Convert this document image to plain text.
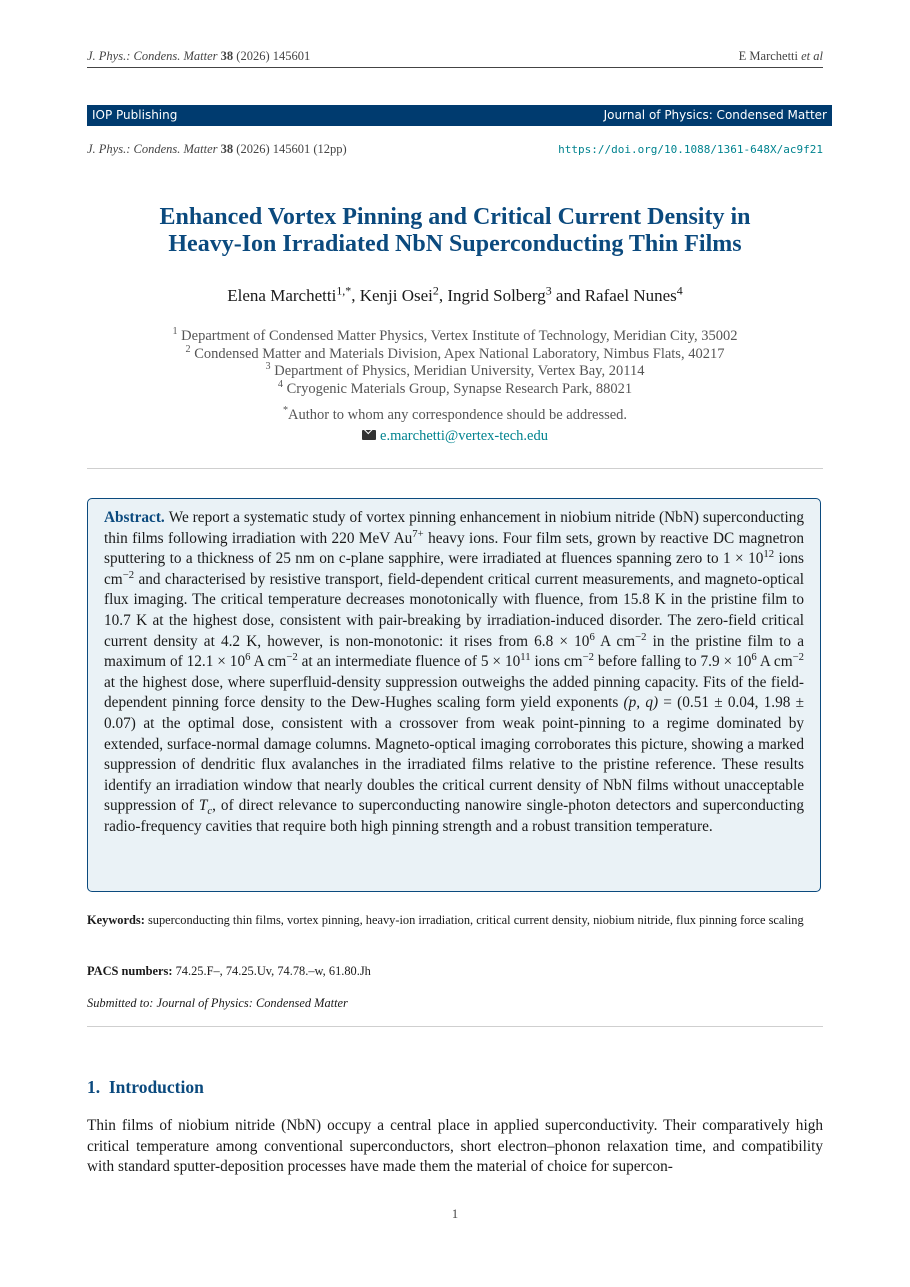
J. Phys.: Condens. Matter 38 (2026) 145601	E Marchetti et al
IOP Publishing	Journal of Physics: Condensed Matter
J. Phys.: Condens. Matter 38 (2026) 145601 (12pp)	https://doi.org/10.1088/1361-648X/ac9f21
Enhanced Vortex Pinning and Critical Current Density in
Heavy-Ion Irradiated NbN Superconducting Thin Films
Elena Marchetti$^{1,*}$, Kenji Osei$^2$, Ingrid Solberg$^3$ and Rafael Nunes$^4$
$^1$ Department of Condensed Matter Physics, Vertex Institute of Technology, Meridian City, 35002
$^2$ Condensed Matter and Materials Division, Apex National Laboratory, Nimbus Flats, 40217
$^3$ Department of Physics, Meridian University, Vertex Bay, 20114
$^4$ Cryogenic Materials Group, Synapse Research Park, 88021
*Author to whom any correspondence should be addressed.
e.marchetti@vertex-tech.edu
Abstract. We report a systematic study of vortex pinning enhancement in niobium nitride (NbN) superconducting thin films following irradiation with 220 MeV $Au^{7+}$ heavy ions. Four film sets, grown by reactive DC magnetron sputtering to a thickness of 25 nm on c-plane sapphire, were irradiated at fluences spanning zero to $1 \times 10^{12}$ ions $cm^{-2}$ and characterised by resistive transport, field-dependent critical current measurements, and magneto-optical flux imaging. The critical temperature decreases monotonically with fluence, from 15.8 K in the pristine film to 10.7 K at the highest dose, consistent with pair-breaking by irradiation-induced disorder. The zero-field critical current density at 4.2 K, however, is non-monotonic: it rises from $6.8 \times 10^6$ A $cm^{-2}$ in the pristine film to a maximum of $12.1 \times 10^6$ A $cm^{-2}$ at an intermediate fluence of $5 \times 10^{11}$ ions $cm^{-2}$ before falling to $7.9 \times 10^6$ A $cm^{-2}$ at the highest dose, where superfluid-density suppression outweighs the added pinning capacity. Fits of the field-dependent pinning force density to the Dew-Hughes scaling form yield exponents (p, q) = (0.51 ± 0.04, 1.98 ± 0.07) at the optimal dose, consistent with a crossover from weak point-pinning to a regime dominated by extended, surface-normal damage columns. Magneto-optical imaging corroborates this picture, showing a marked suppression of dendritic flux avalanches in the irradiated films relative to the pristine reference. These results identify an irradiation window that nearly doubles the critical current density of NbN films without unacceptable suppression of $T_c$, of direct relevance to superconducting nanowire single-photon detectors and superconducting radio-frequency cavities that require both high pinning strength and a robust transition temperature.
Keywords: superconducting thin films, vortex pinning, heavy-ion irradiation, critical current density, niobium nitride, flux pinning force scaling
PACS numbers: 74.25.F–, 74.25.Uv, 74.78.–w, 61.80.Jh
Submitted to: Journal of Physics: Condensed Matter
1. Introduction
Thin films of niobium nitride (NbN) occupy a central place in applied superconductivity. Their comparatively high critical temperature among conventional superconductors, short electron–phonon relaxation time, and compatibility with standard sputter-deposition processes have made them the material of choice for supercon-
1
